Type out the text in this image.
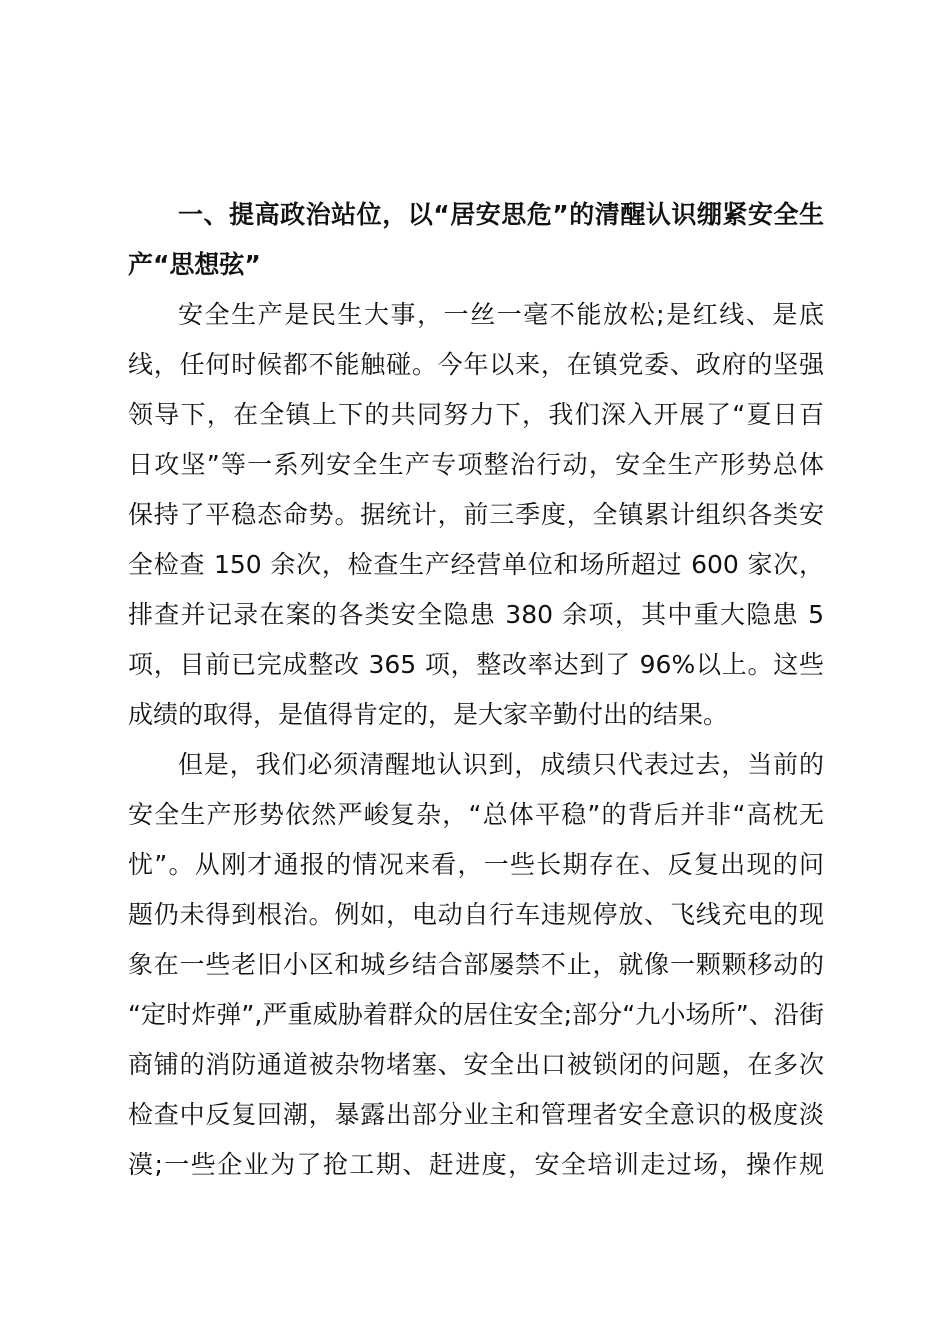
一、提高政治站位，以“居安思危”的清醒认识绷紧安全生
产“思想弦”
安全生产是民生大事，一丝一毫不能放松;是红线、是底
线，任何时候都不能触碰。今年以来，在镇党委、政府的坚强
领导下，在全镇上下的共同努力下，我们深入开展了“夏日百
日攻坚”等一系列安全生产专项整治行动，安全生产形势总体
保持了平稳态命势。据统计，前三季度，全镇累计组织各类安
全检查 150 余次，检查生产经营单位和场所超过 600 家次，
排查并记录在案的各类安全隐患 380 余项，其中重大隐患 5
项，目前已完成整改 365 项，整改率达到了 96%以上。这些
成绩的取得，是值得肯定的，是大家辛勤付出的结果。
但是，我们必须清醒地认识到，成绩只代表过去，当前的
安全生产形势依然严峻复杂，“总体平稳”的背后并非“高枕无
忧”。从刚才通报的情况来看，一些长期存在、反复出现的问
题仍未得到根治。例如，电动自行车违规停放、飞线充电的现
象在一些老旧小区和城乡结合部屡禁不止，就像一颗颗移动的
“定时炸弹”,严重威胁着群众的居住安全;部分“九小场所”、沿街
商铺的消防通道被杂物堵塞、安全出口被锁闭的问题，在多次
检查中反复回潮，暴露出部分业主和管理者安全意识的极度淡
漠;一些企业为了抢工期、赶进度，安全培训走过场，操作规
